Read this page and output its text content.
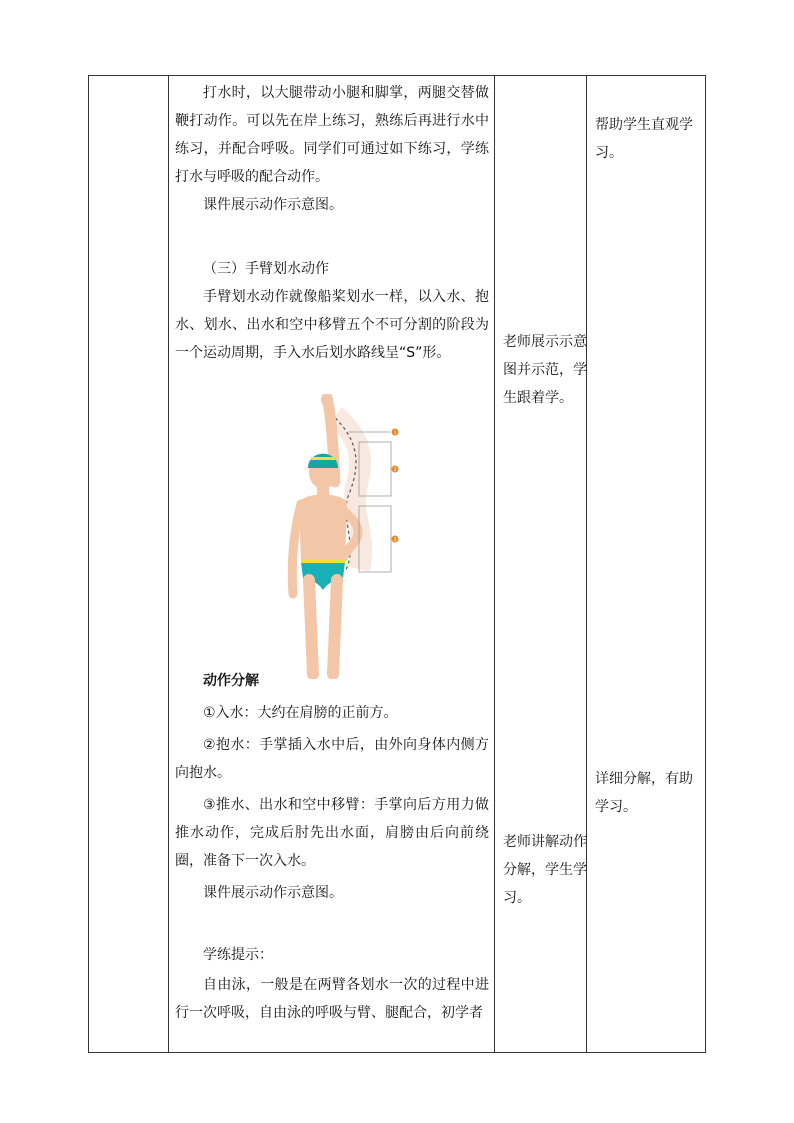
打水时，以大腿带动小腿和脚掌，两腿交替做鞭打动作。可以先在岸上练习，熟练后再进行水中练习，并配合呼吸。同学们可通过如下练习，学练打水与呼吸的配合动作。

课件展示动作示意图。

（三）手臂划水动作

手臂划水动作就像船桨划水一样，以入水、抱水、划水、出水和空中移臂五个不可分割的阶段为一个运动周期，手入水后划水路线呈“S”形。

动作分解

①入水：大约在肩膀的正前方。

②抱水：手掌插入水中后，由外向身体内侧方向抱水。

③推水、出水和空中移臂：手掌向后方用力做推水动作，完成后肘先出水面，肩膀由后向前绕圈，准备下一次入水。

课件展示动作示意图。

学练提示：

自由泳，一般是在两臂各划水一次的过程中进行一次呼吸，自由泳的呼吸与臂、腿配合，初学者

1
2
3

老师展示示意图并示范，学生跟着学。

老师讲解动作分解，学生学习。

帮助学生直观学习。

详细分解，有助学习。
